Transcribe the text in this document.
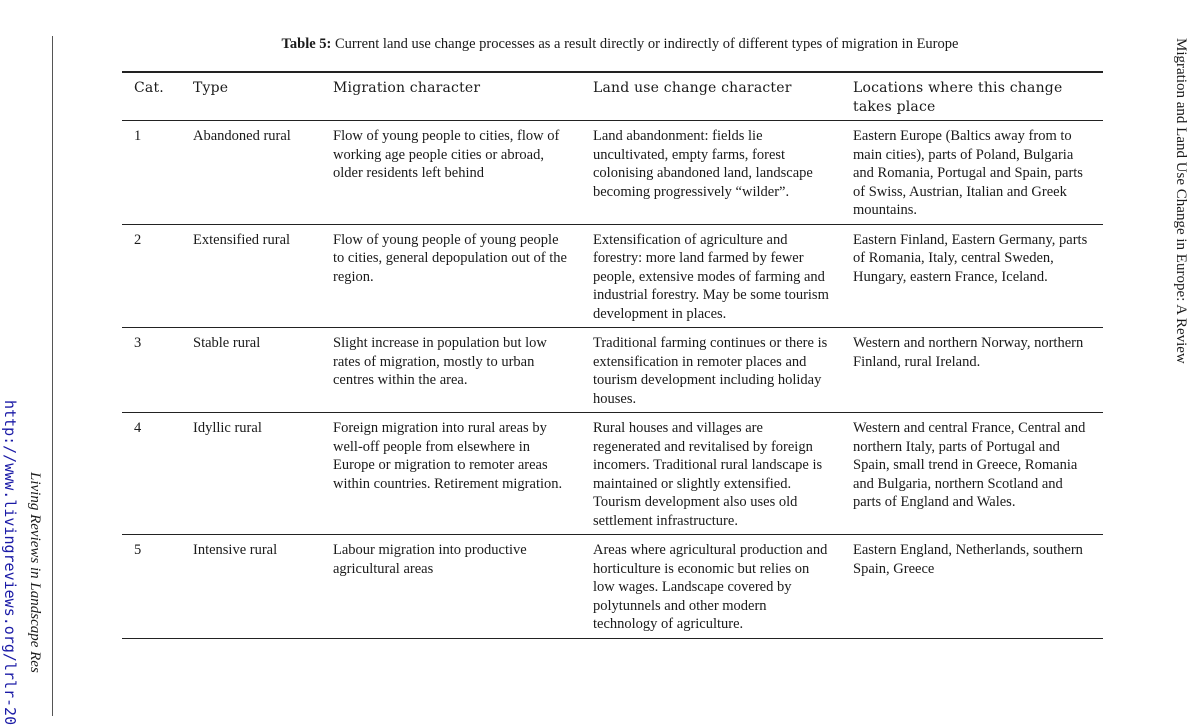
http://www.livingreviews.org/lrlr-20 Living Reviews in Landscape Res
Migration and Land Use Change in Europe: A Review
Table 5: Current land use change processes as a result directly or indirectly of different types of migration in Europe
Cat.	Type	Migration character	Land use change character	Locations where this change takes place
1	Abandoned rural	Flow of young people to cities, flow of working age people cities or abroad, older residents left behind	Land abandonment: fields lie uncultivated, empty farms, forest colonising abandoned land, landscape becoming progressively “wilder”.	Eastern Europe (Baltics away from to main cities), parts of Poland, Bulgaria and Romania, Portugal and Spain, parts of Swiss, Austrian, Italian and Greek mountains.
2	Extensified rural	Flow of young people of young people to cities, general depopulation out of the region.	Extensification of agriculture and forestry: more land farmed by fewer people, extensive modes of farming and industrial forestry. May be some tourism development in places.	Eastern Finland, Eastern Germany, parts of Romania, Italy, central Sweden, Hungary, eastern France, Iceland.
3	Stable rural	Slight increase in population but low rates of migration, mostly to urban centres within the area.	Traditional farming continues or there is extensification in remoter places and tourism development including holiday houses.	Western and northern Norway, northern Finland, rural Ireland.
4	Idyllic rural	Foreign migration into rural areas by well-off people from elsewhere in Europe or migration to remoter areas within countries. Retirement migration.	Rural houses and villages are regenerated and revitalised by foreign incomers. Traditional rural landscape is maintained or slightly extensified. Tourism development also uses old settlement infrastructure.	Western and central France, Central and northern Italy, parts of Portugal and Spain, small trend in Greece, Romania and Bulgaria, northern Scotland and parts of England and Wales.
5	Intensive rural	Labour migration into productive agricultural areas	Areas where agricultural production and horticulture is economic but relies on low wages. Landscape covered by polytunnels and other modern technology of agriculture.	Eastern England, Netherlands, southern Spain, Greece
